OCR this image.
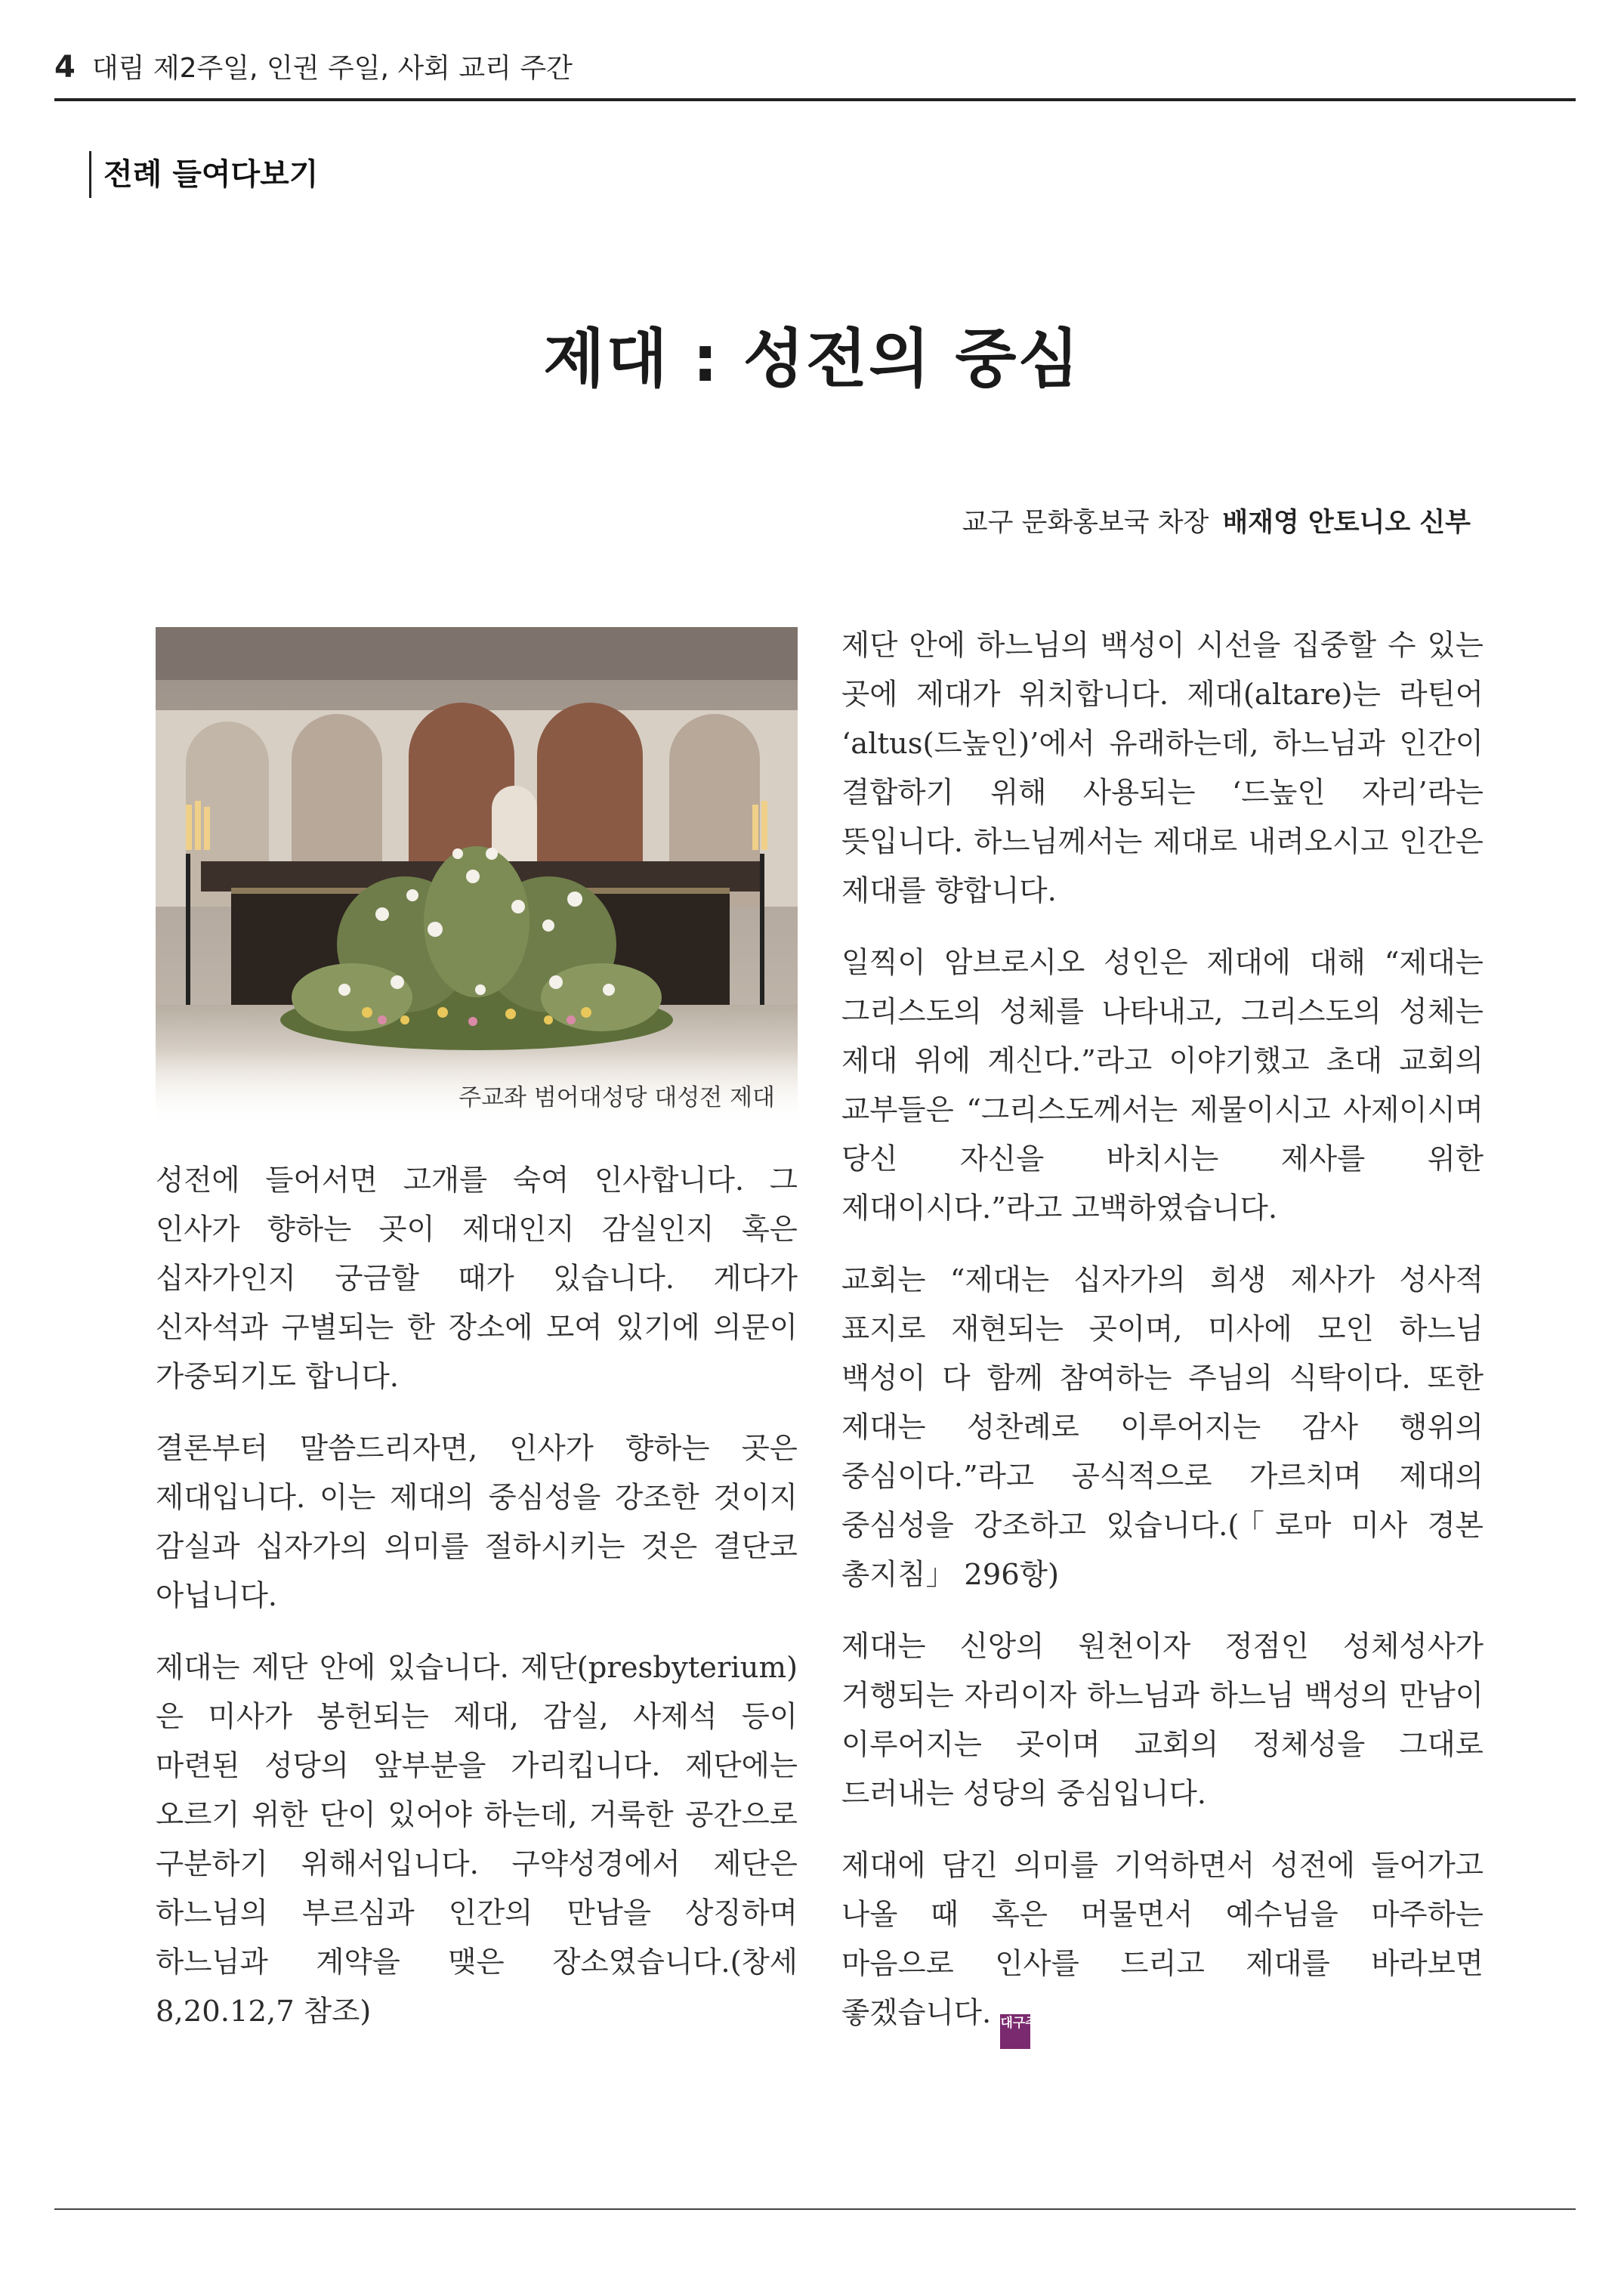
4 대림 제2주일, 인권 주일, 사회 교리 주간
전례 들여다보기
제대 : 성전의 중심
교구 문화홍보국 차장 배재영 안토니오 신부
주교좌 범어대성당 대성전 제대

성전에 들어서면 고개를 숙여 인사합니다. 그 인사가 향하는 곳이 제대인지 감실인지 혹은 십자가인지 궁금할 때가 있습니다. 게다가 신자석과 구별되는 한 장소에 모여 있기에 의문이 가중되기도 합니다.

결론부터 말씀드리자면, 인사가 향하는 곳은 제대입니다. 이는 제대의 중심성을 강조한 것이지 감실과 십자가의 의미를 절하시키는 것은 결단코 아닙니다.

제대는 제단 안에 있습니다. 제단(presbyterium)은 미사가 봉헌되는 제대, 감실, 사제석 등이 마련된 성당의 앞부분을 가리킵니다. 제단에는 오르기 위한 단이 있어야 하는데, 거룩한 공간으로 구분하기 위해서입니다. 구약성경에서 제단은 하느님의 부르심과 인간의 만남을 상징하며 하느님과 계약을 맺은 장소였습니다.(창세 8,20.12,7 참조)

제단 안에 하느님의 백성이 시선을 집중할 수 있는 곳에 제대가 위치합니다. 제대(altare)는 라틴어 ‘altus(드높인)’에서 유래하는데, 하느님과 인간이 결합하기 위해 사용되는 ‘드높인 자리’라는 뜻입니다. 하느님께서는 제대로 내려오시고 인간은 제대를 향합니다.

일찍이 암브로시오 성인은 제대에 대해 “제대는 그리스도의 성체를 나타내고, 그리스도의 성체는 제대 위에 계신다.”라고 이야기했고 초대 교회의 교부들은 “그리스도께서는 제물이시고 사제이시며 당신 자신을 바치시는 제사를 위한 제대이시다.”라고 고백하였습니다.

교회는 “제대는 십자가의 희생 제사가 성사적 표지로 재현되는 곳이며, 미사에 모인 하느님 백성이 다 함께 참여하는 주님의 식탁이다. 또한 제대는 성찬례로 이루어지는 감사 행위의 중심이다.”라고 공식적으로 가르치며 제대의 중심성을 강조하고 있습니다.(「로마 미사 경본 총지침」 296항)

제대는 신앙의 원천이자 정점인 성체성사가 거행되는 자리이자 하느님과 하느님 백성의 만남이 이루어지는 곳이며 교회의 정체성을 그대로 드러내는 성당의 중심입니다.

제대에 담긴 의미를 기억하면서 성전에 들어가고 나올 때 혹은 머물면서 예수님을 마주하는 마음으로 인사를 드리고 제대를 바라보면 좋겠습니다. 대구주보
